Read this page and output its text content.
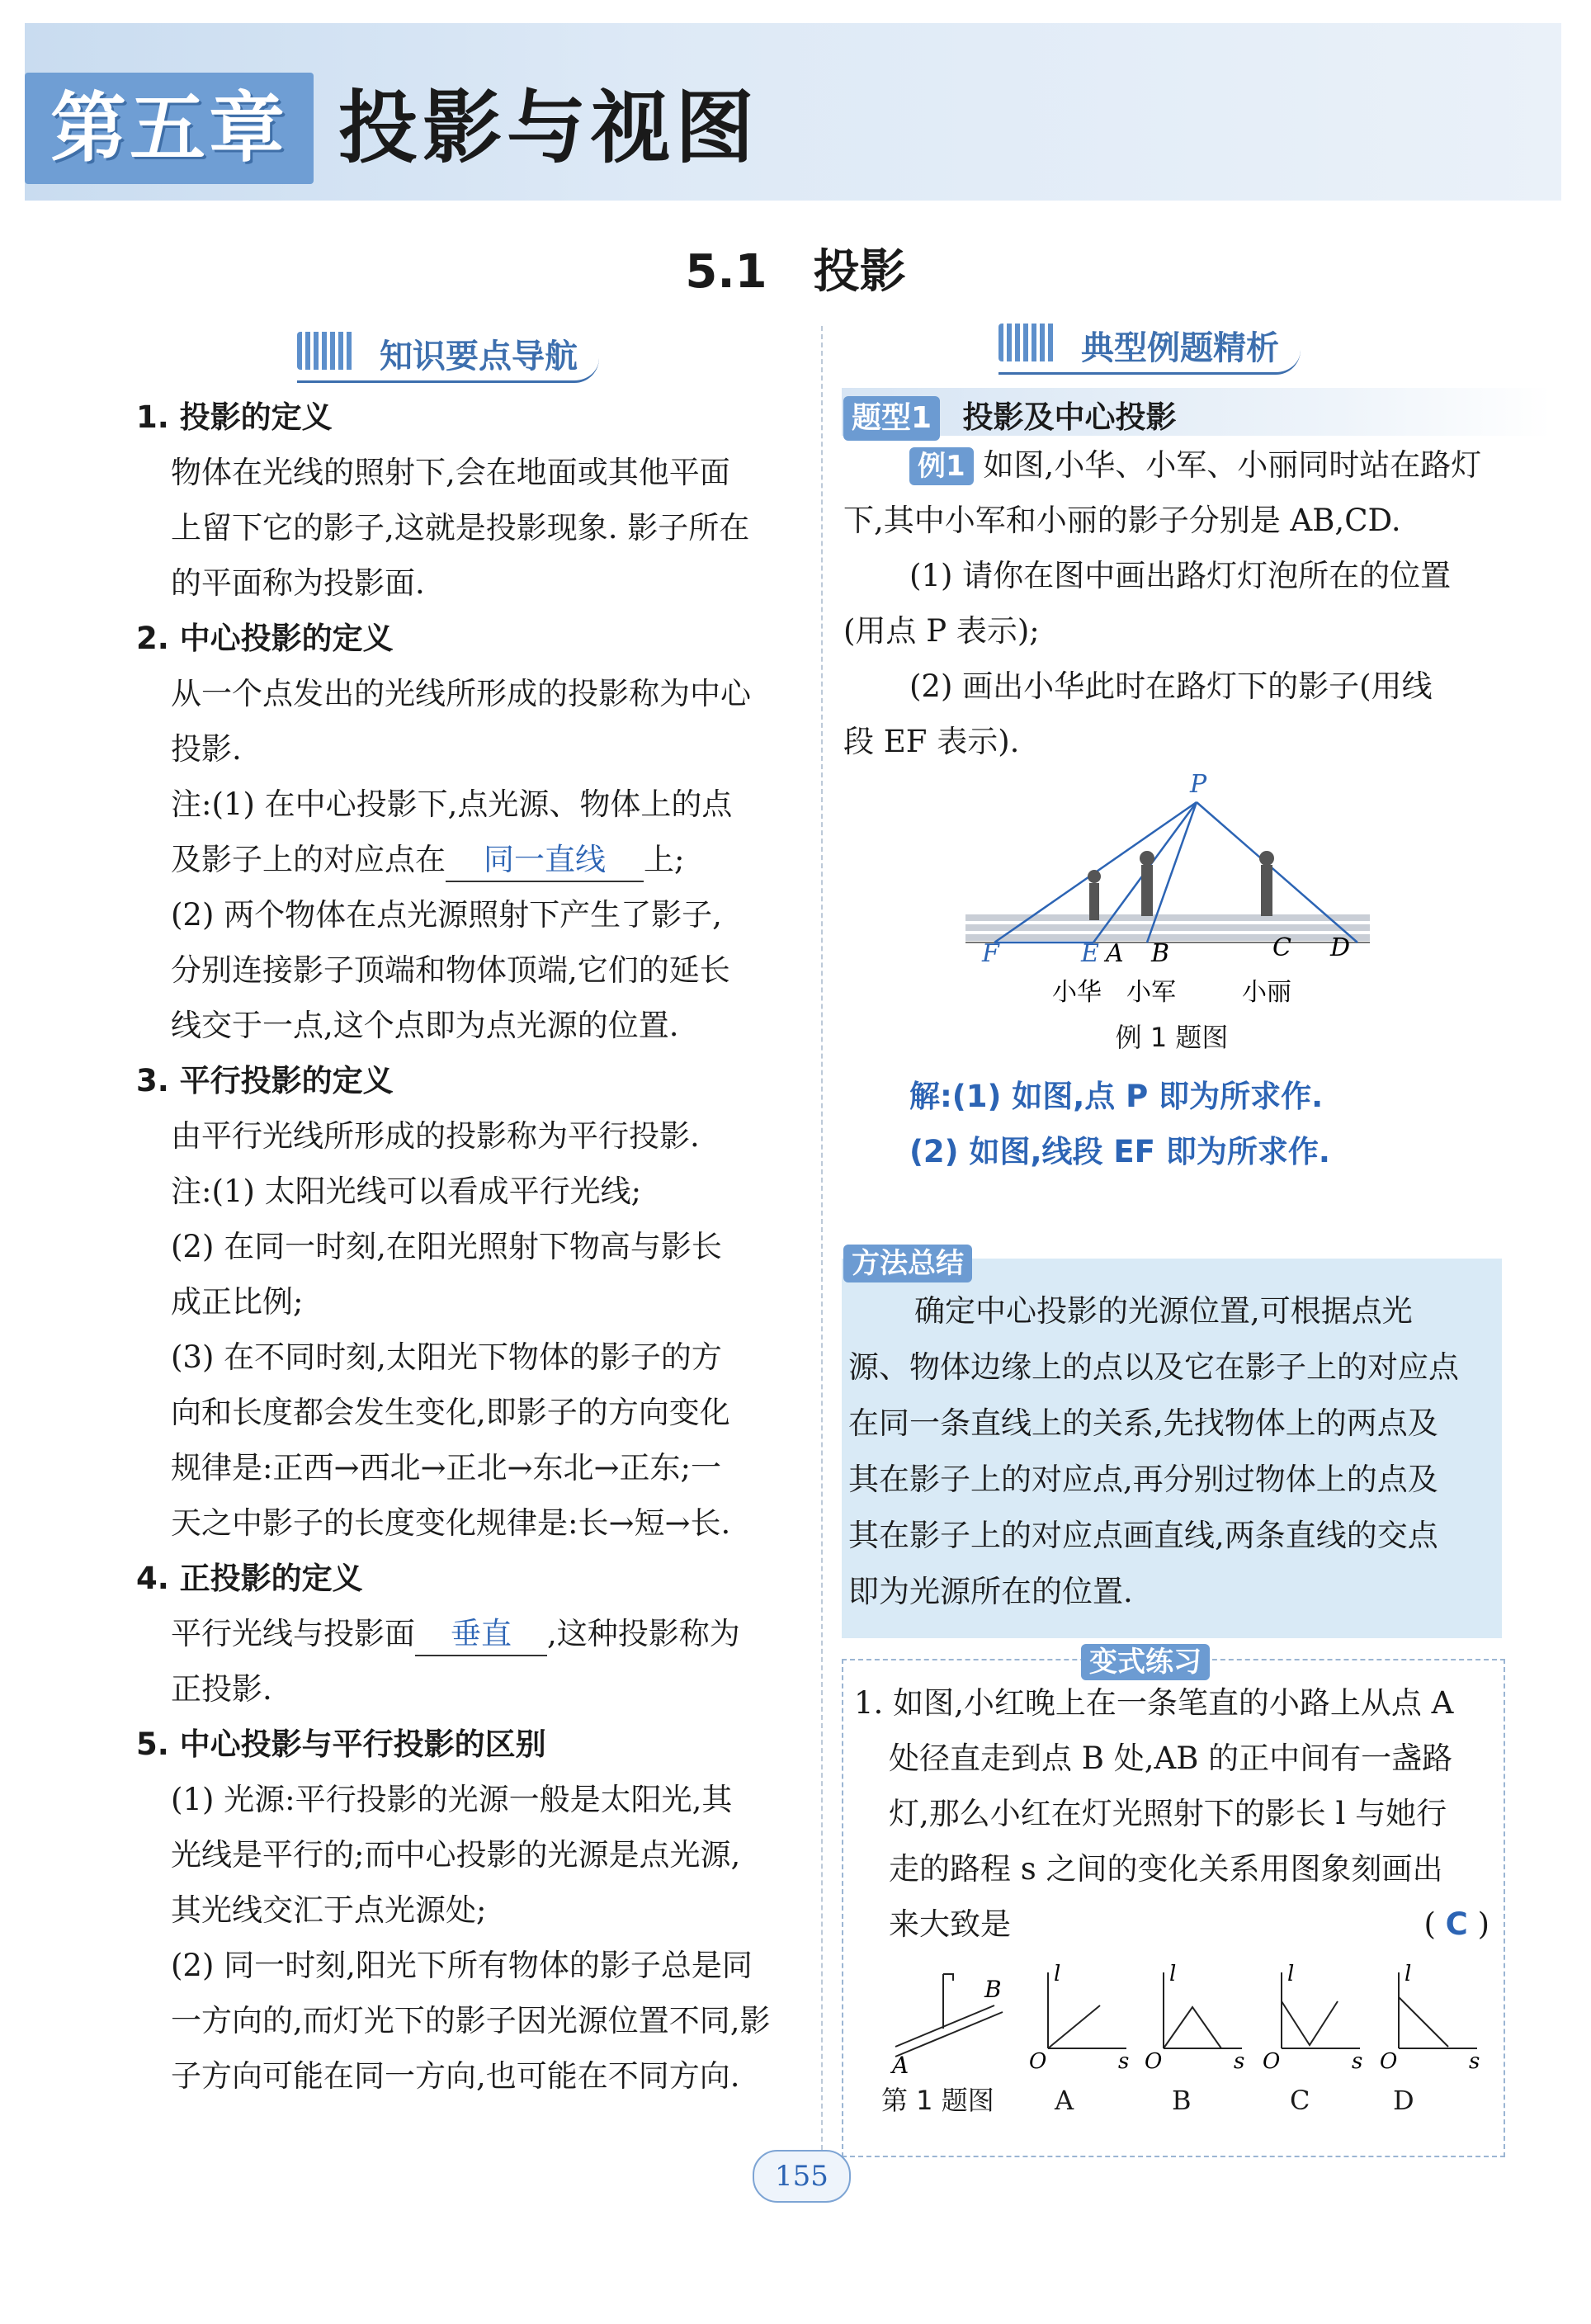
第五章 投影与视图
5.1　投影
知识要点导航
1. 投影的定义
物体在光线的照射下,会在地面或其他平面
上留下它的影子,这就是投影现象. 影子所在
的平面称为投影面.
2. 中心投影的定义
从一个点发出的光线所形成的投影称为中心
投影.
注:(1) 在中心投影下,点光源、物体上的点
及影子上的对应点在 同一直线 上;
(2) 两个物体在点光源照射下产生了影子,
分别连接影子顶端和物体顶端,它们的延长
线交于一点,这个点即为点光源的位置.
3. 平行投影的定义
由平行光线所形成的投影称为平行投影.
注:(1) 太阳光线可以看成平行光线;
(2) 在同一时刻,在阳光照射下物高与影长
成正比例;
(3) 在不同时刻,太阳光下物体的影子的方
向和长度都会发生变化,即影子的方向变化
规律是:正西→西北→正北→东北→正东;一
天之中影子的长度变化规律是:长→短→长.
4. 正投影的定义
平行光线与投影面 垂直 ,这种投影称为
正投影.
5. 中心投影与平行投影的区别
(1) 光源:平行投影的光源一般是太阳光,其
光线是平行的;而中心投影的光源是点光源,
其光线交汇于点光源处;
(2) 同一时刻,阳光下所有物体的影子总是同
一方向的,而灯光下的影子因光源位置不同,影
子方向可能在同一方向,也可能在不同方向.
典型例题精析
题型1 投影及中心投影
例1 如图,小华、小军、小丽同时站在路灯
下,其中小军和小丽的影子分别是 AB,CD.
(1) 请你在图中画出路灯灯泡所在的位置
(用点 P 表示);
(2) 画出小华此时在路灯下的影子(用线
段 EF 表示).
P
F	E A B	C D
小华 小军	小丽
例 1 题图
解:(1) 如图,点 P 即为所求作.
(2) 如图,线段 EF 即为所求作.
方法总结
确定中心投影的光源位置,可根据点光
源、物体边缘上的点以及它在影子上的对应点
在同一条直线上的关系,先找物体上的两点及
其在影子上的对应点,再分别过物体上的点及
其在影子上的对应点画直线,两条直线的交点
即为光源所在的位置.
变式练习
1. 如图,小红晚上在一条笔直的小路上从点 A
处径直走到点 B 处,AB 的正中间有一盏路
灯,那么小红在灯光照射下的影长 l 与她行
走的路程 s 之间的变化关系用图象刻画出
来大致是	( C )
A
B
l
O	s
l
O	s
l
O	s
l
O	s
第 1 题图 A	B	C	D
155
